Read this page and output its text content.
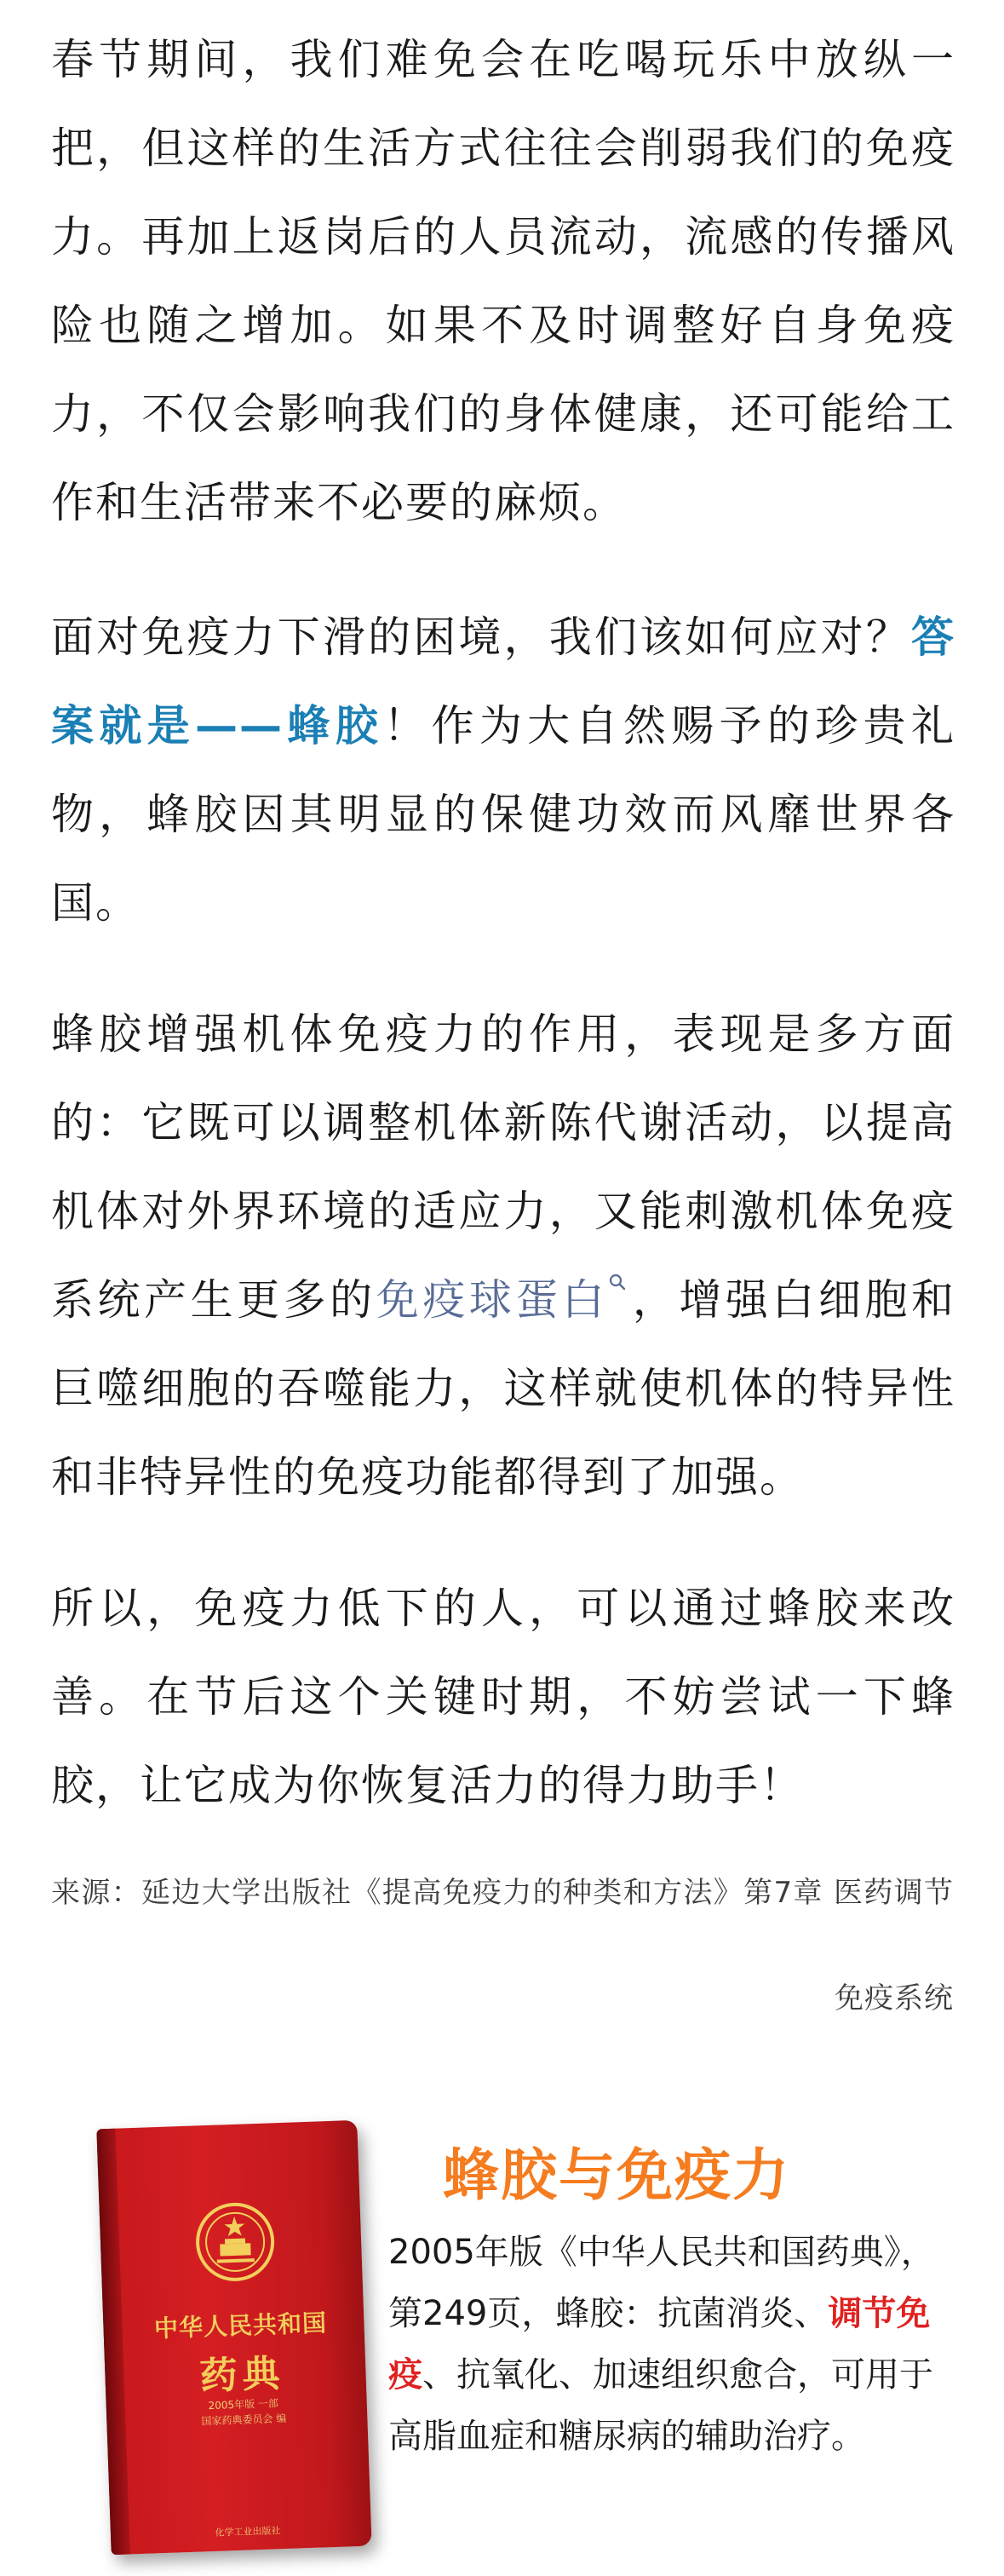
春节期间，我们难免会在吃喝玩乐中放纵一把，但这样的生活方式往往会削弱我们的免疫力。再加上返岗后的人员流动，流感的传播风险也随之增加。如果不及时调整好自身免疫力，不仅会影响我们的身体健康，还可能给工作和生活带来不必要的麻烦。

面对免疫力下滑的困境，我们该如何应对？答案就是——蜂胶！作为大自然赐予的珍贵礼物，蜂胶因其明显的保健功效而风靡世界各国。

蜂胶增强机体免疫力的作用，表现是多方面的：它既可以调整机体新陈代谢活动，以提高机体对外界环境的适应力，又能刺激机体免疫系统产生更多的免疫球蛋白 ，增强白细胞和巨噬细胞的吞噬能力，这样就使机体的特异性和非特异性的免疫功能都得到了加强。

所以，免疫力低下的人，可以通过蜂胶来改善。在节后这个关键时期，不妨尝试一下蜂胶，让它成为你恢复活力的得力助手！

来源：延边大学出版社《提高免疫力的种类和方法》第7章 医药调节免疫系统
中华人民共和国
药典
2005年版 一部
国家药典委员会 编
化学工业出版社
蜂胶与免疫力
2005年版《中华人民共和国药典》，第249页，蜂胶：抗菌消炎、调节免疫、抗氧化、加速组织愈合，可用于高脂血症和糖尿病的辅助治疗。
